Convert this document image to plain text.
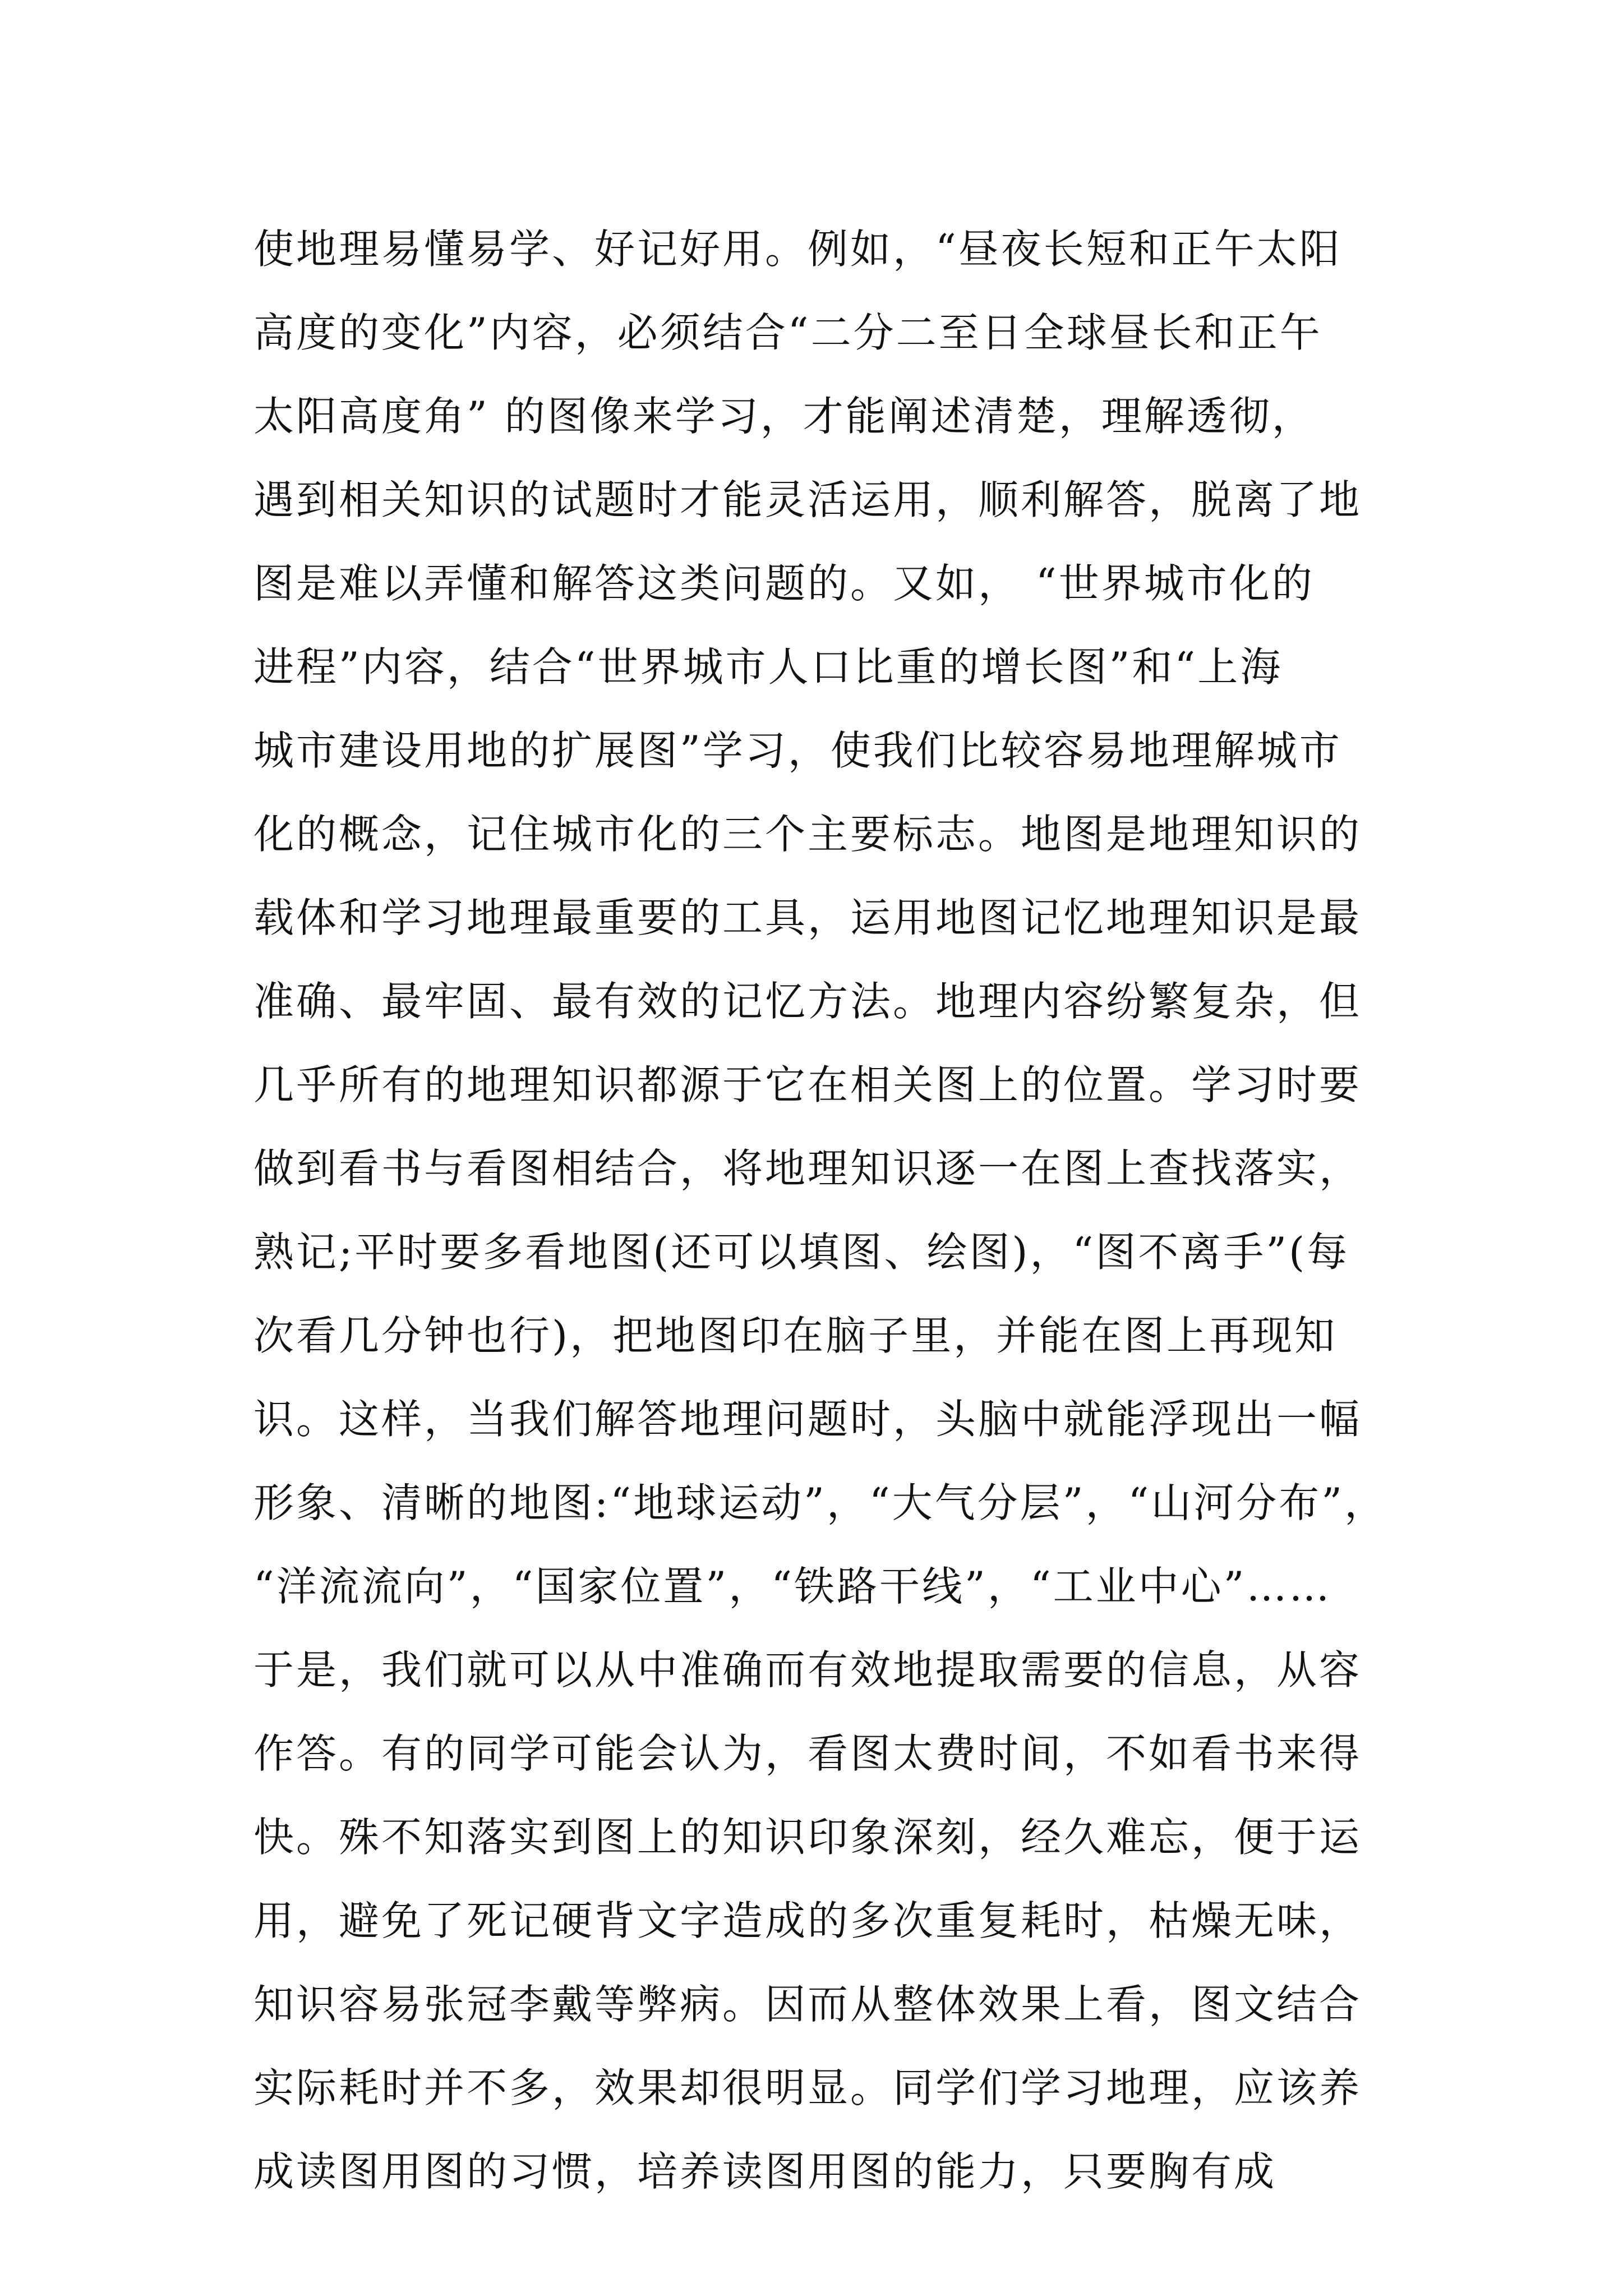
使地理易懂易学、好记好用。例如，“昼夜长短和正午太阳
高度的变化”内容，必须结合“二分二至日全球昼长和正午
太阳高度角” 的图像来学习，才能阐述清楚，理解透彻，
遇到相关知识的试题时才能灵活运用，顺利解答，脱离了地
图是难以弄懂和解答这类问题的。又如， “世界城市化的
进程”内容，结合“世界城市人口比重的增长图”和“上海
城市建设用地的扩展图”学习，使我们比较容易地理解城市
化的概念，记住城市化的三个主要标志。地图是地理知识的
载体和学习地理最重要的工具，运用地图记忆地理知识是最
准确、最牢固、最有效的记忆方法。地理内容纷繁复杂，但
几乎所有的地理知识都源于它在相关图上的位置。学习时要
做到看书与看图相结合，将地理知识逐一在图上查找落实，
熟记;平时要多看地图(还可以填图、绘图)，“图不离手”(每
次看几分钟也行)，把地图印在脑子里，并能在图上再现知
识。这样，当我们解答地理问题时，头脑中就能浮现出一幅
形象、清晰的地图:“地球运动”，“大气分层”，“山河分布”，
“洋流流向”，“国家位置”，“铁路干线”，“工业中心”……
于是，我们就可以从中准确而有效地提取需要的信息，从容
作答。有的同学可能会认为，看图太费时间，不如看书来得
快。殊不知落实到图上的知识印象深刻，经久难忘，便于运
用，避免了死记硬背文字造成的多次重复耗时，枯燥无味，
知识容易张冠李戴等弊病。因而从整体效果上看，图文结合
实际耗时并不多，效果却很明显。同学们学习地理，应该养
成读图用图的习惯，培养读图用图的能力，只要胸有成
